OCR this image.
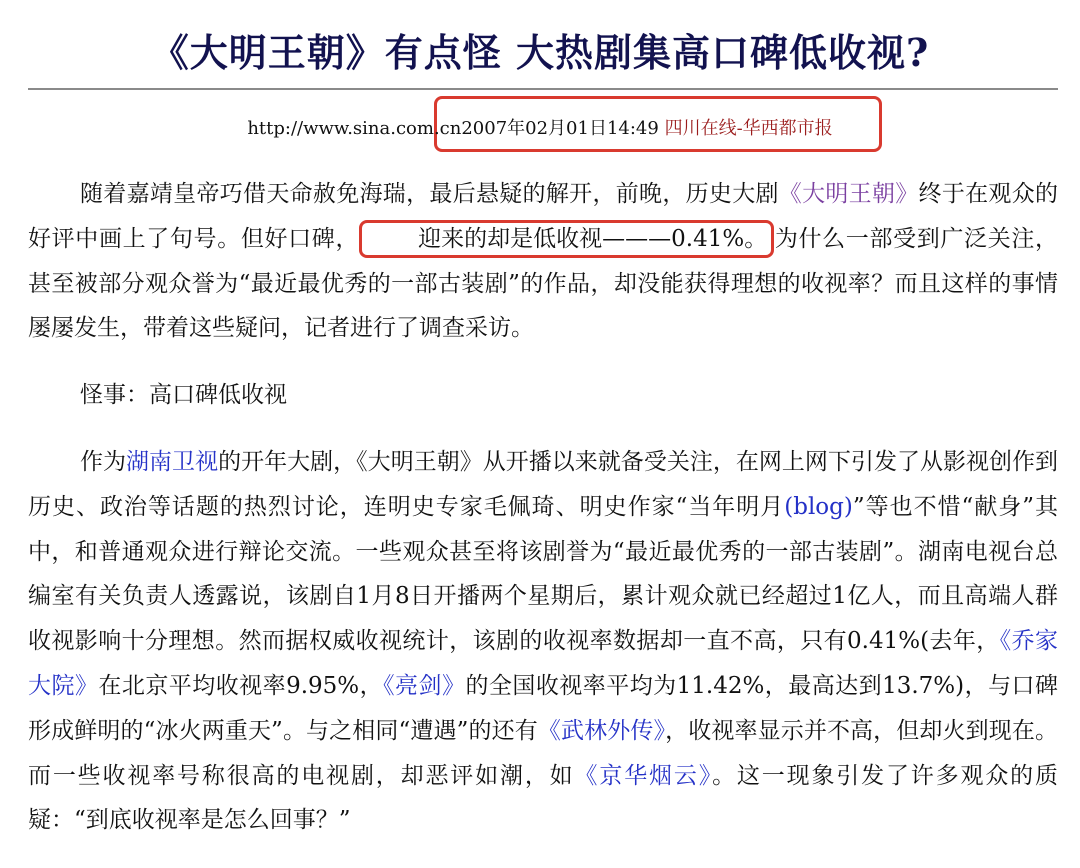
《大明王朝》有点怪 大热剧集高口碑低收视?
http://www.sina.com.cn2007年02月01日14:49 四川在线-华西都市报

随着嘉靖皇帝巧借天命赦免海瑞，最后悬疑的解开，前晚，历史大剧《大明王朝》终于在观众的好评中画上了句号。但好口碑，	迎来的却是低收视———0.41%。 为什么一部受到广泛关注，甚至被部分观众誉为“最近最优秀的一部古装剧”的作品，却没能获得理想的收视率？而且这样的事情屡屡发生，带着这些疑问，记者进行了调查采访。

怪事：高口碑低收视

作为湖南卫视的开年大剧，《大明王朝》从开播以来就备受关注，在网上网下引发了从影视创作到历史、政治等话题的热烈讨论，连明史专家毛佩琦、明史作家“当年明月(blog)”等也不惜“献身”其中，和普通观众进行辩论交流。一些观众甚至将该剧誉为“最近最优秀的一部古装剧”。湖南电视台总编室有关负责人透露说，该剧自1月8日开播两个星期后，累计观众就已经超过1亿人，而且高端人群收视影响十分理想。然而据权威收视统计，该剧的收视率数据却一直不高，只有0.41%(去年，《乔家大院》在北京平均收视率9.95%，《亮剑》的全国收视率平均为11.42%，最高达到13.7%)，与口碑形成鲜明的“冰火两重天”。与之相同“遭遇”的还有《武林外传》，收视率显示并不高，但却火到现在。而一些收视率号称很高的电视剧，却恶评如潮，如《京华烟云》。这一现象引发了许多观众的质疑：“到底收视率是怎么回事？”
